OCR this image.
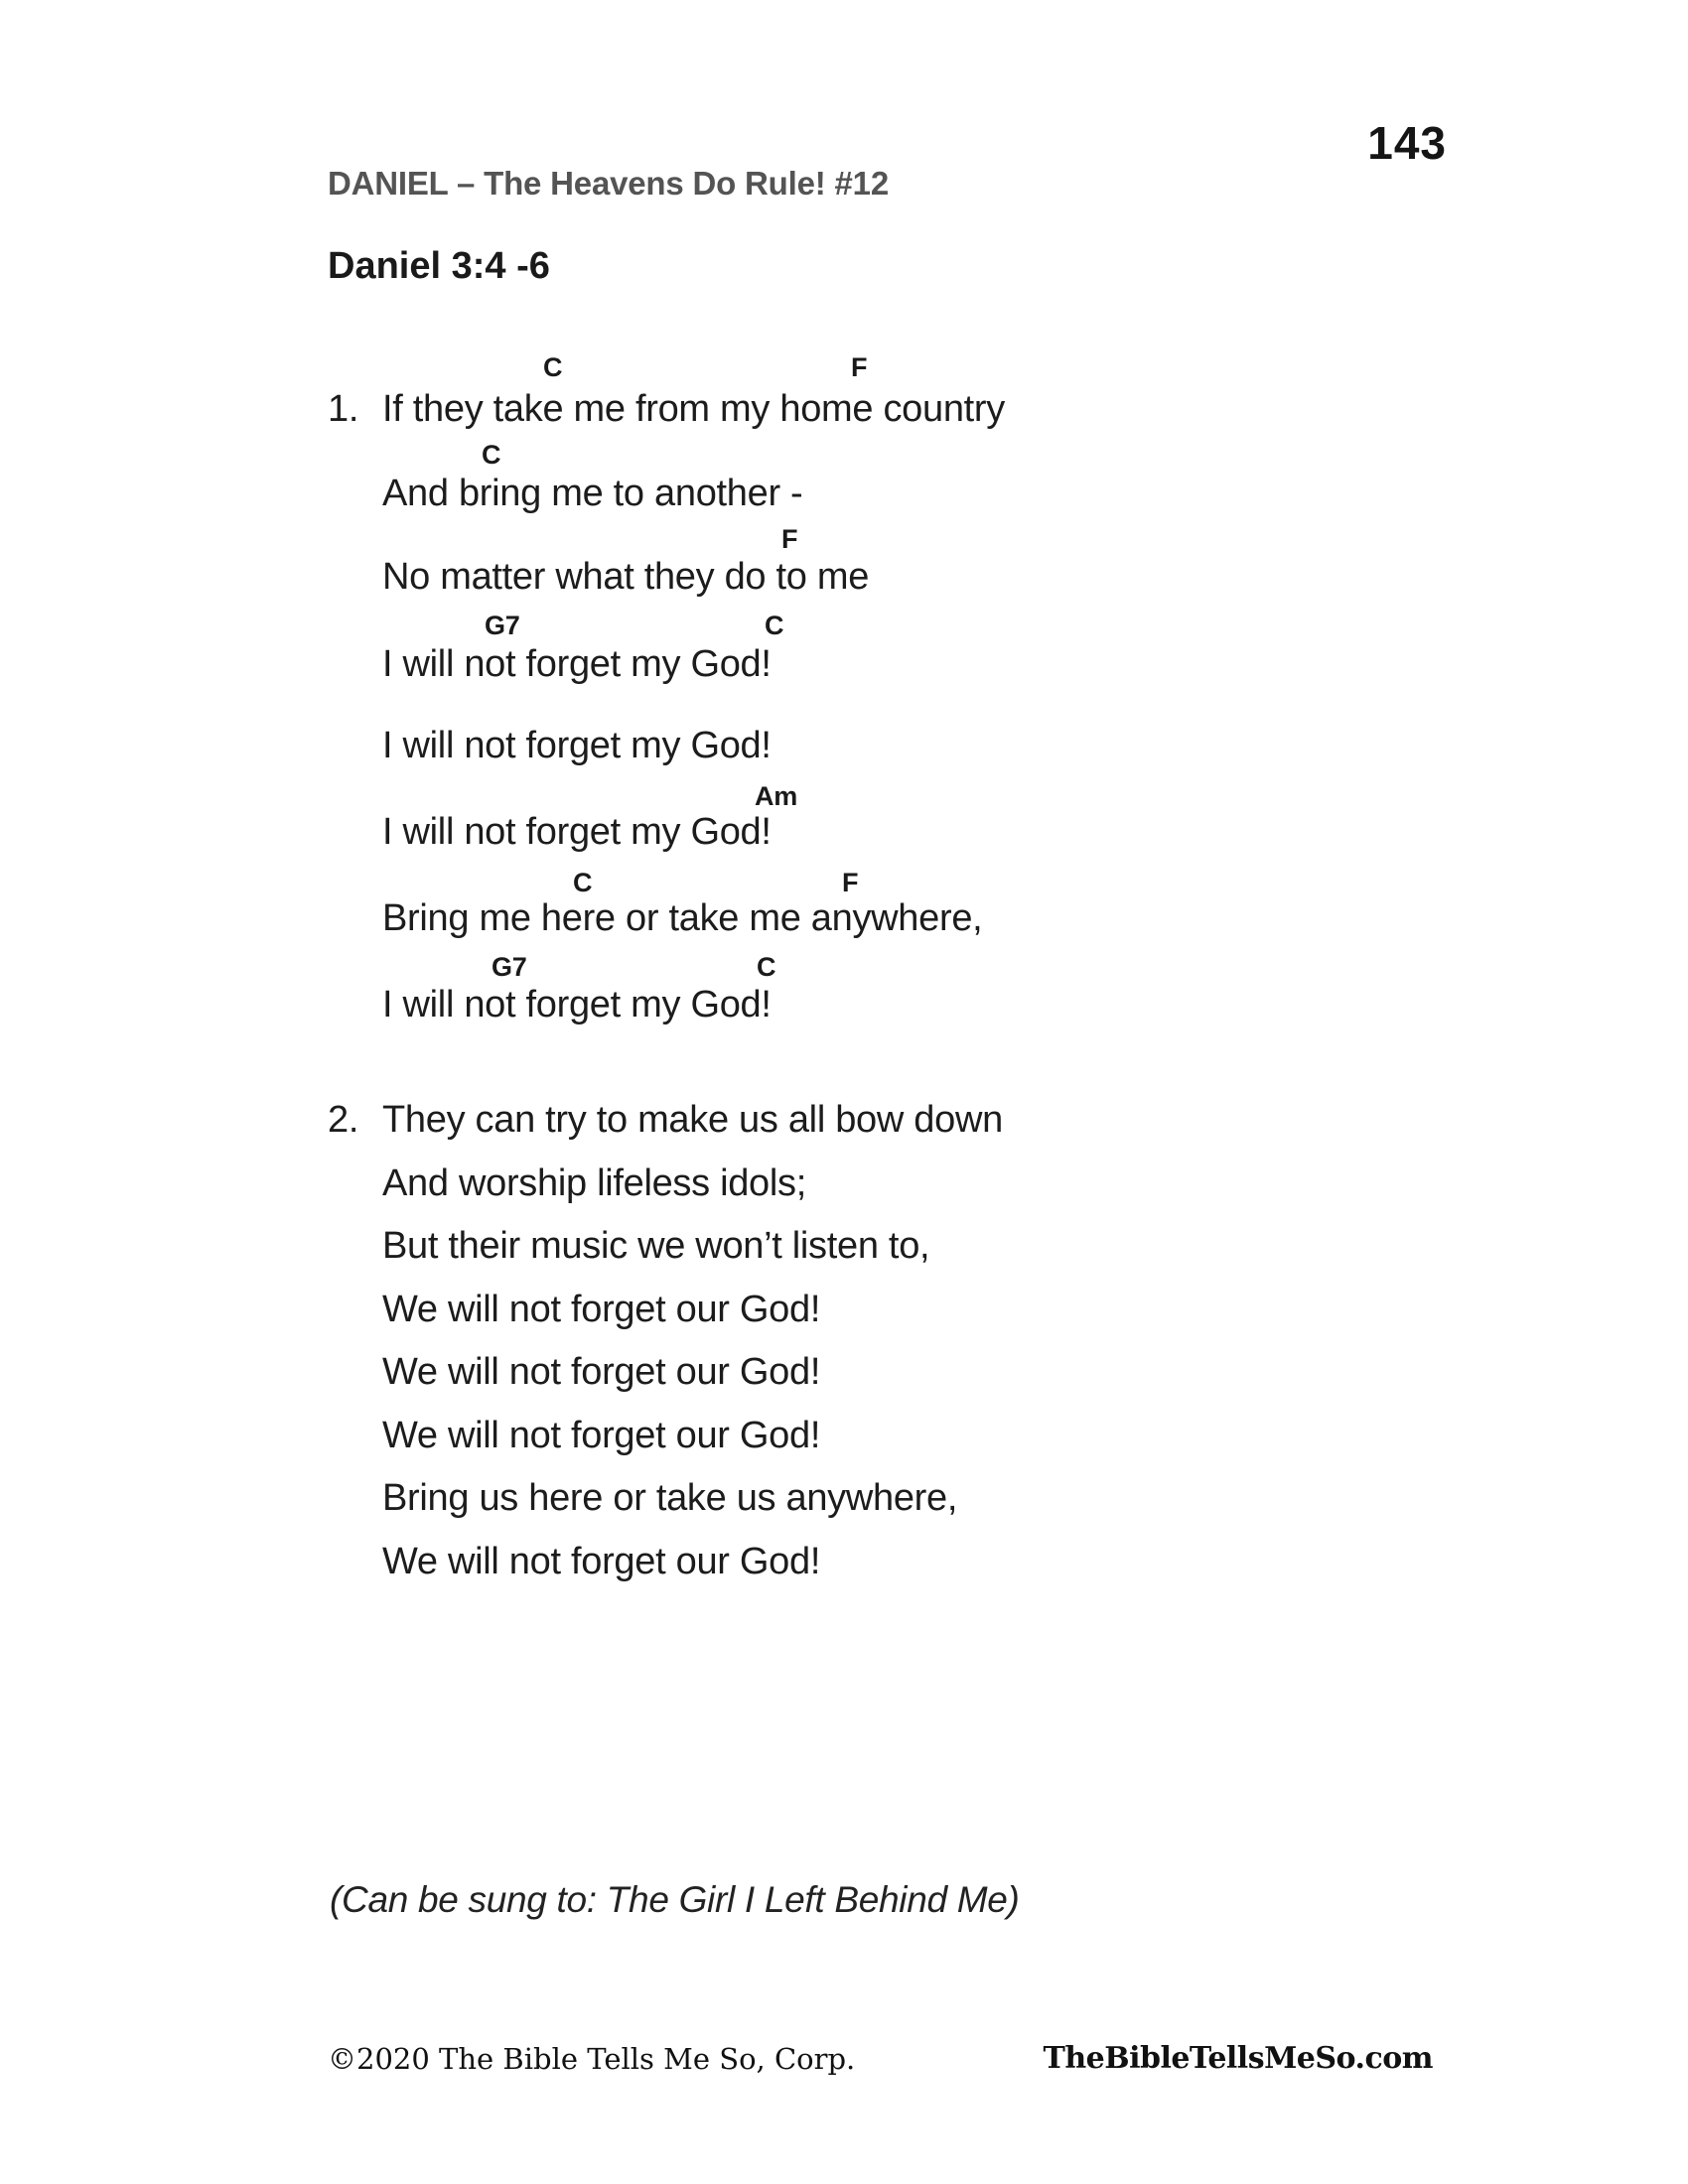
143
DANIEL – The Heavens Do Rule! #12
Daniel 3:4 -6
C	F
C
F
G7	C
Am
C	F
G7	C
1. If they take me from my home country
And bring me to another -
No matter what they do to me
I will not forget my God!
I will not forget my God!
I will not forget my God!
Bring me here or take me anywhere,
I will not forget my God!
2. They can try to make us all bow down
And worship lifeless idols;
But their music we won’t listen to,
We will not forget our God!
We will not forget our God!
We will not forget our God!
Bring us here or take us anywhere,
We will not forget our God!
(Can be sung to: The Girl I Left Behind Me)
©2020 The Bible Tells Me So, Corp.	TheBibleTellsMeSo.com
